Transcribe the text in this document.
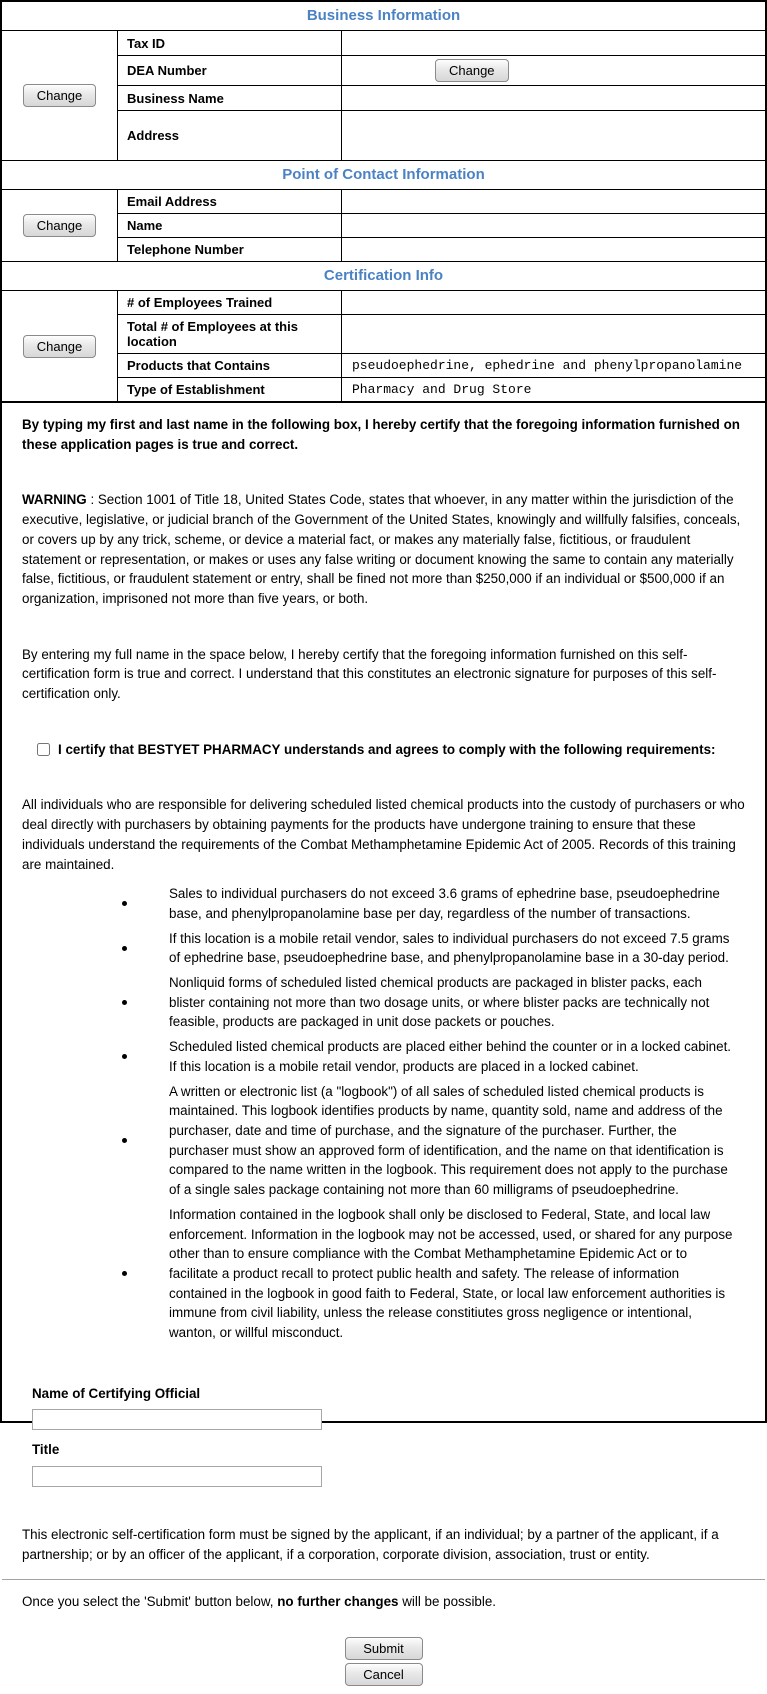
Business Information
Change
Tax ID
DEA Number	Change
Business Name
Address
Point of Contact Information
Change
Email Address
Name
Telephone Number
Certification Info
Change
# of Employees Trained
Total # of Employees at this location
Products that Contains	pseudoephedrine, ephedrine and phenylpropanolamine
Type of Establishment	Pharmacy and Drug Store

By typing my first and last name in the following box, I hereby certify that the foregoing information furnished on these application pages is true and correct.

WARNING : Section 1001 of Title 18, United States Code, states that whoever, in any matter within the jurisdiction of the executive, legislative, or judicial branch of the Government of the United States, knowingly and willfully falsifies, conceals, or covers up by any trick, scheme, or device a material fact, or makes any materially false, fictitious, or fraudulent statement or representation, or makes or uses any false writing or document knowing the same to contain any materially false, fictitious, or fraudulent statement or entry, shall be fined not more than $250,000 if an individual or $500,000 if an organization, imprisoned not more than five years, or both.

By entering my full name in the space below, I hereby certify that the foregoing information furnished on this self-certification form is true and correct. I understand that this constitutes an electronic signature for purposes of this self-certification only.

I certify that BESTYET PHARMACY understands and agrees to comply with the following requirements:

All individuals who are responsible for delivering scheduled listed chemical products into the custody of purchasers or who deal directly with purchasers by obtaining payments for the products have undergone training to ensure that these individuals understand the requirements of the Combat Methamphetamine Epidemic Act of 2005. Records of this training are maintained.

Sales to individual purchasers do not exceed 3.6 grams of ephedrine base, pseudoephedrine base, and phenylpropanolamine base per day, regardless of the number of transactions.
If this location is a mobile retail vendor, sales to individual purchasers do not exceed 7.5 grams of ephedrine base, pseudoephedrine base, and phenylpropanolamine base in a 30-day period.
Nonliquid forms of scheduled listed chemical products are packaged in blister packs, each blister containing not more than two dosage units, or where blister packs are technically not feasible, products are packaged in unit dose packets or pouches.
Scheduled listed chemical products are placed either behind the counter or in a locked cabinet. If this location is a mobile retail vendor, products are placed in a locked cabinet.
A written or electronic list (a "logbook") of all sales of scheduled listed chemical products is maintained. This logbook identifies products by name, quantity sold, name and address of the purchaser, date and time of purchase, and the signature of the purchaser. Further, the purchaser must show an approved form of identification, and the name on that identification is compared to the name written in the logbook. This requirement does not apply to the purchase of a single sales package containing not more than 60 milligrams of pseudoephedrine.
Information contained in the logbook shall only be disclosed to Federal, State, and local law enforcement. Information in the logbook may not be accessed, used, or shared for any purpose other than to ensure compliance with the Combat Methamphetamine Epidemic Act or to facilitate a product recall to protect public health and safety. The release of information contained in the logbook in good faith to Federal, State, or local law enforcement authorities is immune from civil liability, unless the release constitiutes gross negligence or intentional, wanton, or willful misconduct.
Name of Certifying Official
Title

This electronic self-certification form must be signed by the applicant, if an individual; by a partner of the applicant, if a partnership; or by an officer of the applicant, if a corporation, corporate division, association, trust or entity.

Once you select the 'Submit' button below, no further changes will be possible.

Submit
Cancel
